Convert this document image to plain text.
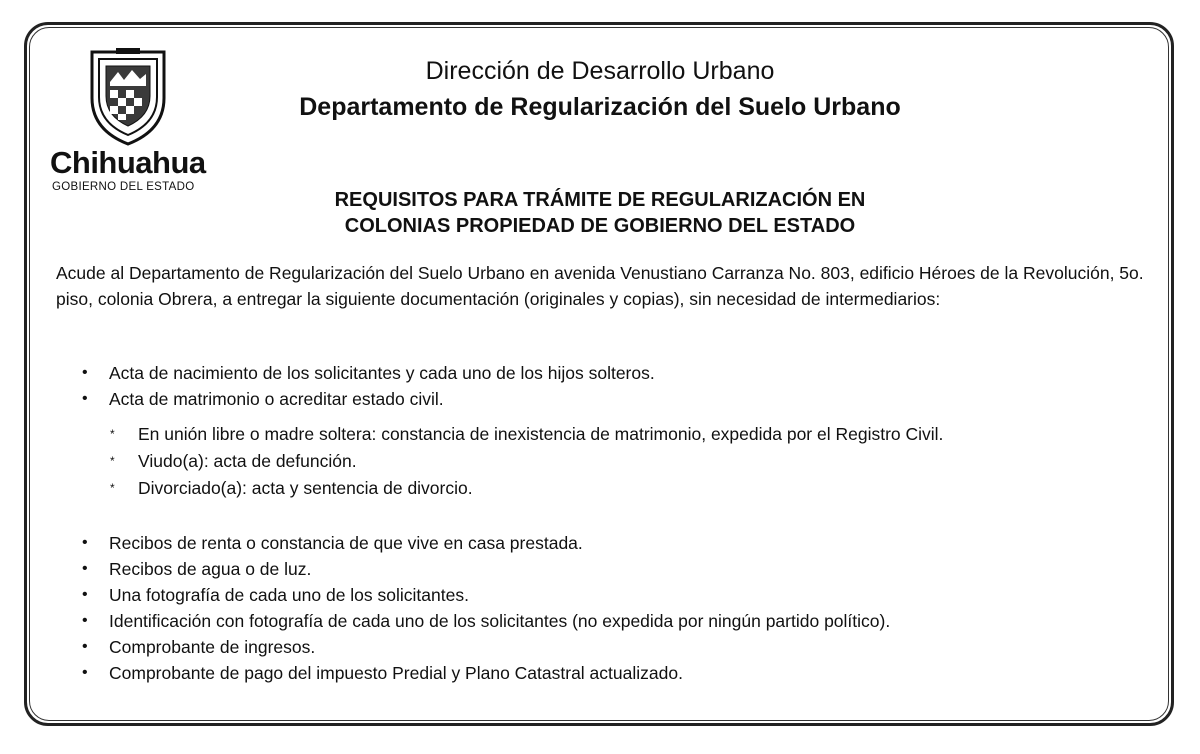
Chihuahua
GOBIERNO DEL ESTADO
Dirección de Desarrollo Urbano
Departamento de Regularización del Suelo Urbano
REQUISITOS PARA TRÁMITE DE REGULARIZACIÓN EN
COLONIAS PROPIEDAD DE GOBIERNO DEL ESTADO

Acude al Departamento de Regularización del Suelo Urbano en avenida Venustiano Carranza No. 803, edificio Héroes de la Revolución, 5o. piso, colonia Obrera, a entregar la siguiente documentación (originales y copias), sin necesidad de intermediarios:

• Acta de nacimiento de los solicitantes y cada uno de los hijos solteros.
• Acta de matrimonio o acreditar estado civil.
* En unión libre o madre soltera: constancia de inexistencia de matrimonio, expedida por el Registro Civil.
* Viudo(a): acta de defunción.
* Divorciado(a): acta y sentencia de divorcio.
• Recibos de renta o constancia de que vive en casa prestada.
• Recibos de agua o de luz.
• Una fotografía de cada uno de los solicitantes.
• Identificación con fotografía de cada uno de los solicitantes (no expedida por ningún partido político).
• Comprobante de ingresos.
• Comprobante de pago del impuesto Predial y Plano Catastral actualizado.
